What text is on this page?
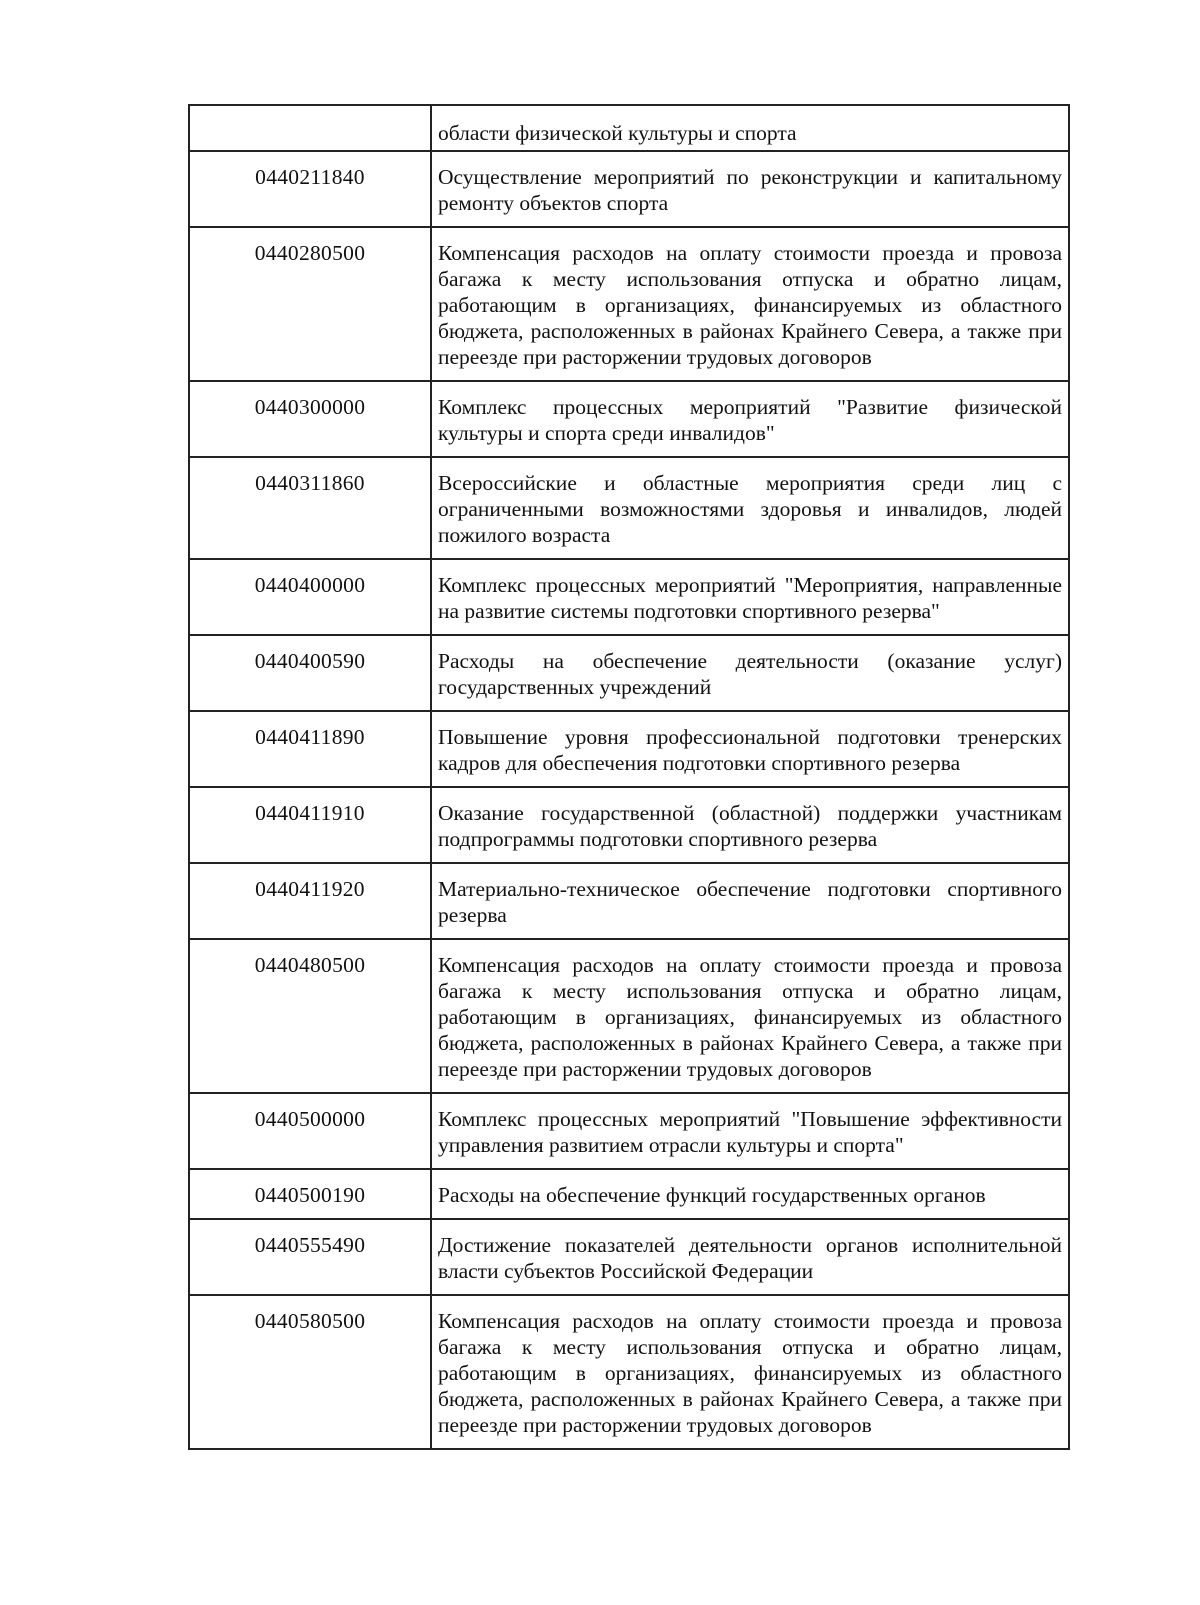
	области физической культуры и спорта
0440211840	Осуществление мероприятий по реконструкции и капитальному ремонту объектов спорта
0440280500	Компенсация расходов на оплату стоимости проезда и провоза багажа к месту использования отпуска и обратно лицам, работающим в организациях, финансируемых из областного бюджета, расположенных в районах Крайнего Севера, а также при переезде при расторжении трудовых договоров
0440300000	Комплекс процессных мероприятий "Развитие физической культуры и спорта среди инвалидов"
0440311860	Всероссийские и областные мероприятия среди лиц с ограниченными возможностями здоровья и инвалидов, людей пожилого возраста
0440400000	Комплекс процессных мероприятий "Мероприятия, направленные на развитие системы подготовки спортивного резерва"
0440400590	Расходы на обеспечение деятельности (оказание услуг) государственных учреждений
0440411890	Повышение уровня профессиональной подготовки тренерских кадров для обеспечения подготовки спортивного резерва
0440411910	Оказание государственной (областной) поддержки участникам подпрограммы подготовки спортивного резерва
0440411920	Материально-техническое обеспечение подготовки спортивного резерва
0440480500	Компенсация расходов на оплату стоимости проезда и провоза багажа к месту использования отпуска и обратно лицам, работающим в организациях, финансируемых из областного бюджета, расположенных в районах Крайнего Севера, а также при переезде при расторжении трудовых договоров
0440500000	Комплекс процессных мероприятий "Повышение эффективности управления развитием отрасли культуры и спорта"
0440500190	Расходы на обеспечение функций государственных органов
0440555490	Достижение показателей деятельности органов исполнительной власти субъектов Российской Федерации
0440580500	Компенсация расходов на оплату стоимости проезда и провоза багажа к месту использования отпуска и обратно лицам, работающим в организациях, финансируемых из областного бюджета, расположенных в районах Крайнего Севера, а также при переезде при расторжении трудовых договоров
